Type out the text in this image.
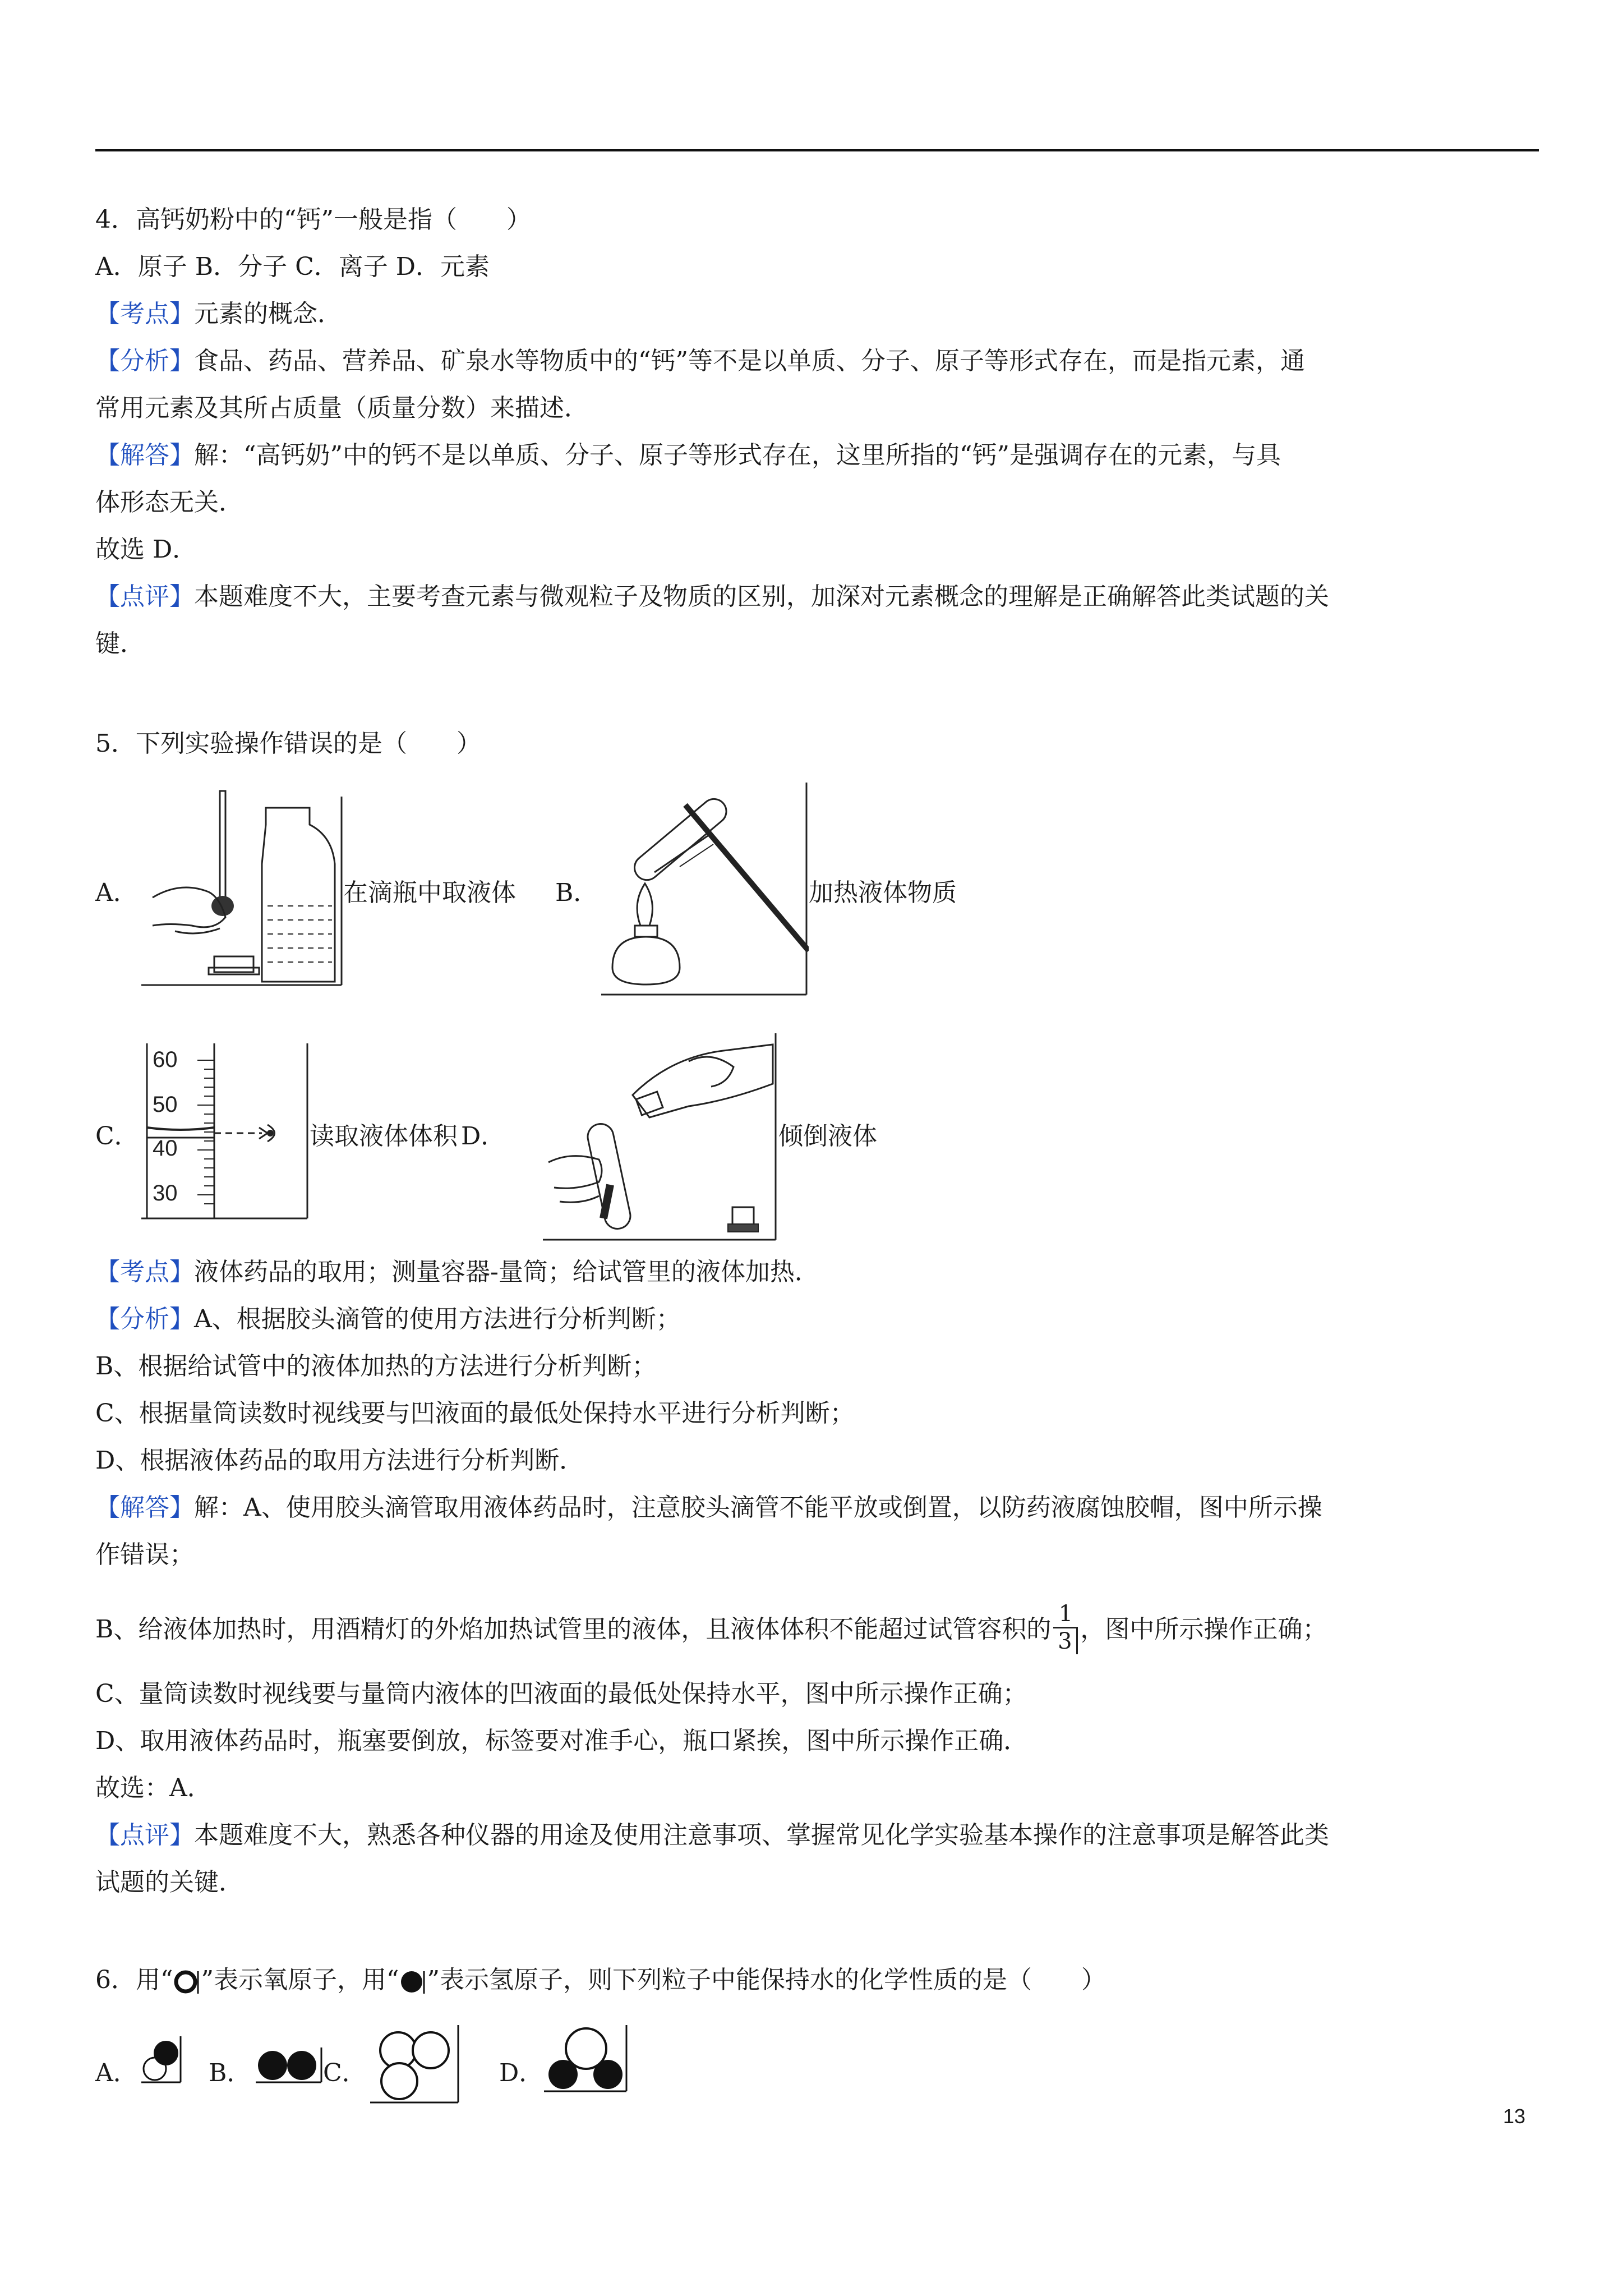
4．高钙奶粉中的“钙”一般是指（　　）
A．原子 B．分子 C．离子 D．元素
【考点】元素的概念．
【分析】食品、药品、营养品、矿泉水等物质中的“钙”等不是以单质、分子、原子等形式存在，而是指元素，通
常用元素及其所占质量（质量分数）来描述．
【解答】解：“高钙奶”中的钙不是以单质、分子、原子等形式存在，这里所指的“钙”是强调存在的元素，与具
体形态无关．
故选 D．
【点评】本题难度不大，主要考查元素与微观粒子及物质的区别，加深对元素概念的理解是正确解答此类试题的关
键．
5．下列实验操作错误的是（　　）
A．	在滴瓶中取液体 B．	加热液体物质
C．
60
50
40
30
读取液体体积 D．	倾倒液体
【考点】液体药品的取用；测量容器-量筒；给试管里的液体加热．
【分析】A、根据胶头滴管的使用方法进行分析判断；
B、根据给试管中的液体加热的方法进行分析判断；
C、根据量筒读数时视线要与凹液面的最低处保持水平进行分析判断；
D、根据液体药品的取用方法进行分析判断．
【解答】解：A、使用胶头滴管取用液体药品时，注意胶头滴管不能平放或倒置，以防药液腐蚀胶帽，图中所示操
作错误；
B、给液体加热时，用酒精灯的外焰加热试管里的液体，且液体体积不能超过试管容积的 $\frac{1}{3}$ ，图中所示操作正确；
C、量筒读数时视线要与量筒内液体的凹液面的最低处保持水平，图中所示操作正确；
D、取用液体药品时，瓶塞要倒放，标签要对准手心，瓶口紧挨，图中所示操作正确．
故选：A．
【点评】本题难度不大，熟悉各种仪器的用途及使用注意事项、掌握常见化学实验基本操作的注意事项是解答此类
试题的关键．
6．用“ ”表示氧原子，用“ ”表示氢原子，则下列粒子中能保持水的化学性质的是（　　）
A．	B．	C．	D．
13
